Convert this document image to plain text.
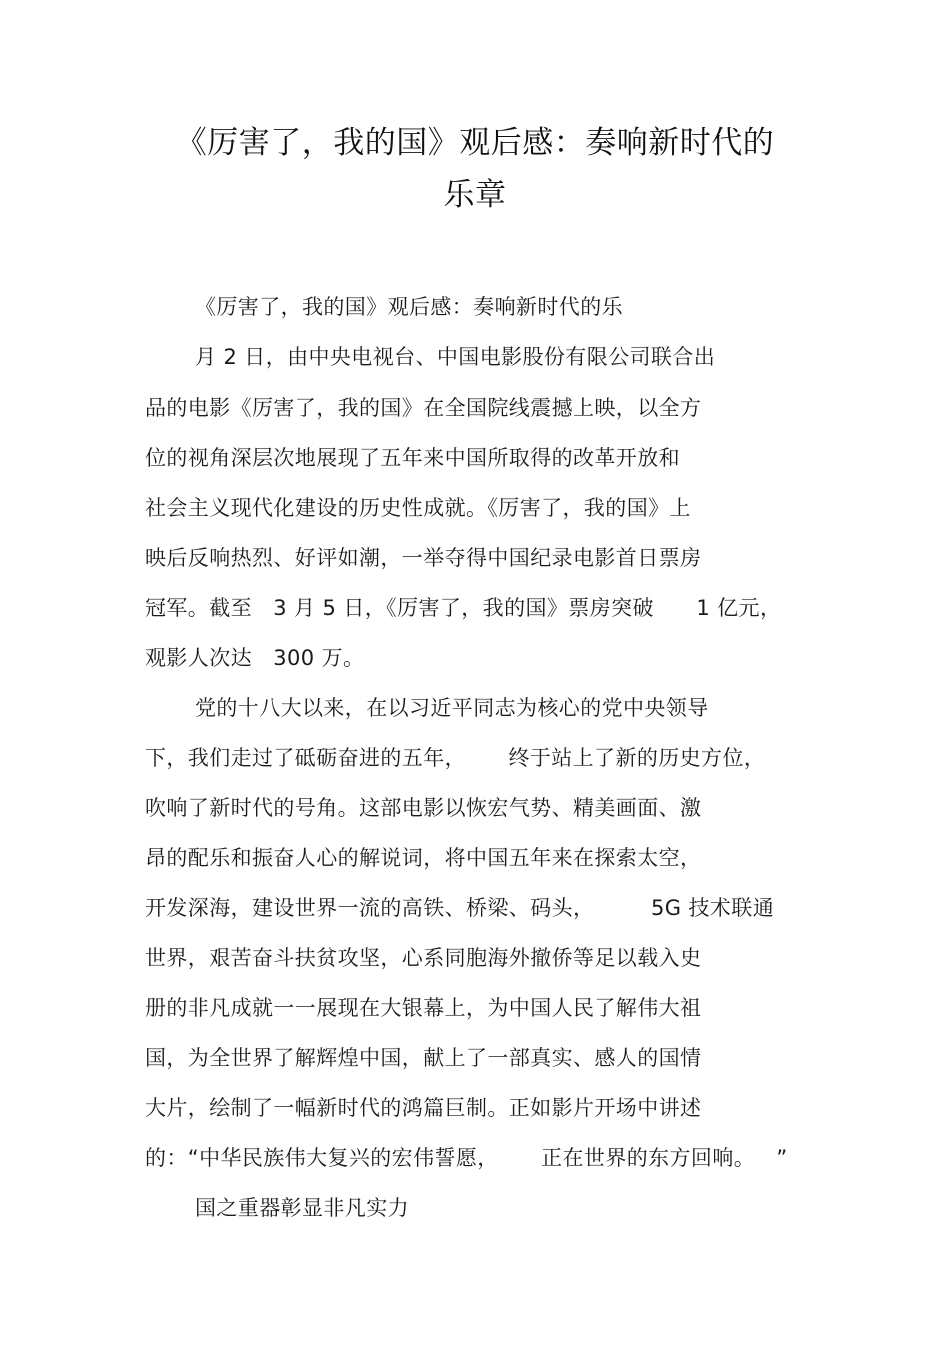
《厉害了，我的国》观后感：奏响新时代的
乐章
《厉害了，我的国》观后感：奏响新时代的乐
月 2 日，由中央电视台、中国电影股份有限公司联合出
品的电影《厉害了，我的国》在全国院线震撼上映，以全方
位的视角深层次地展现了五年来中国所取得的改革开放和
社会主义现代化建设的历史性成就。《厉害了，我的国》上
映后反响热烈、好评如潮，一举夺得中国纪录电影首日票房
冠军。截至   3 月 5 日，《厉害了，我的国》票房突破      1 亿元，
观影人次达   300 万。
党的十八大以来，在以习近平同志为核心的党中央领导
下，我们走过了砥砺奋进的五年，      终于站上了新的历史方位，
吹响了新时代的号角。这部电影以恢宏气势、精美画面、激
昂的配乐和振奋人心的解说词，将中国五年来在探索太空，
开发深海，建设世界一流的高铁、桥梁、码头，        5G 技术联通
世界，艰苦奋斗扶贫攻坚，心系同胞海外撤侨等足以载入史
册的非凡成就一一展现在大银幕上，为中国人民了解伟大祖
国，为全世界了解辉煌中国，献上了一部真实、感人的国情
大片，绘制了一幅新时代的鸿篇巨制。正如影片开场中讲述
的：“中华民族伟大复兴的宏伟誓愿，      正在世界的东方回响。   ”
国之重器彰显非凡实力
